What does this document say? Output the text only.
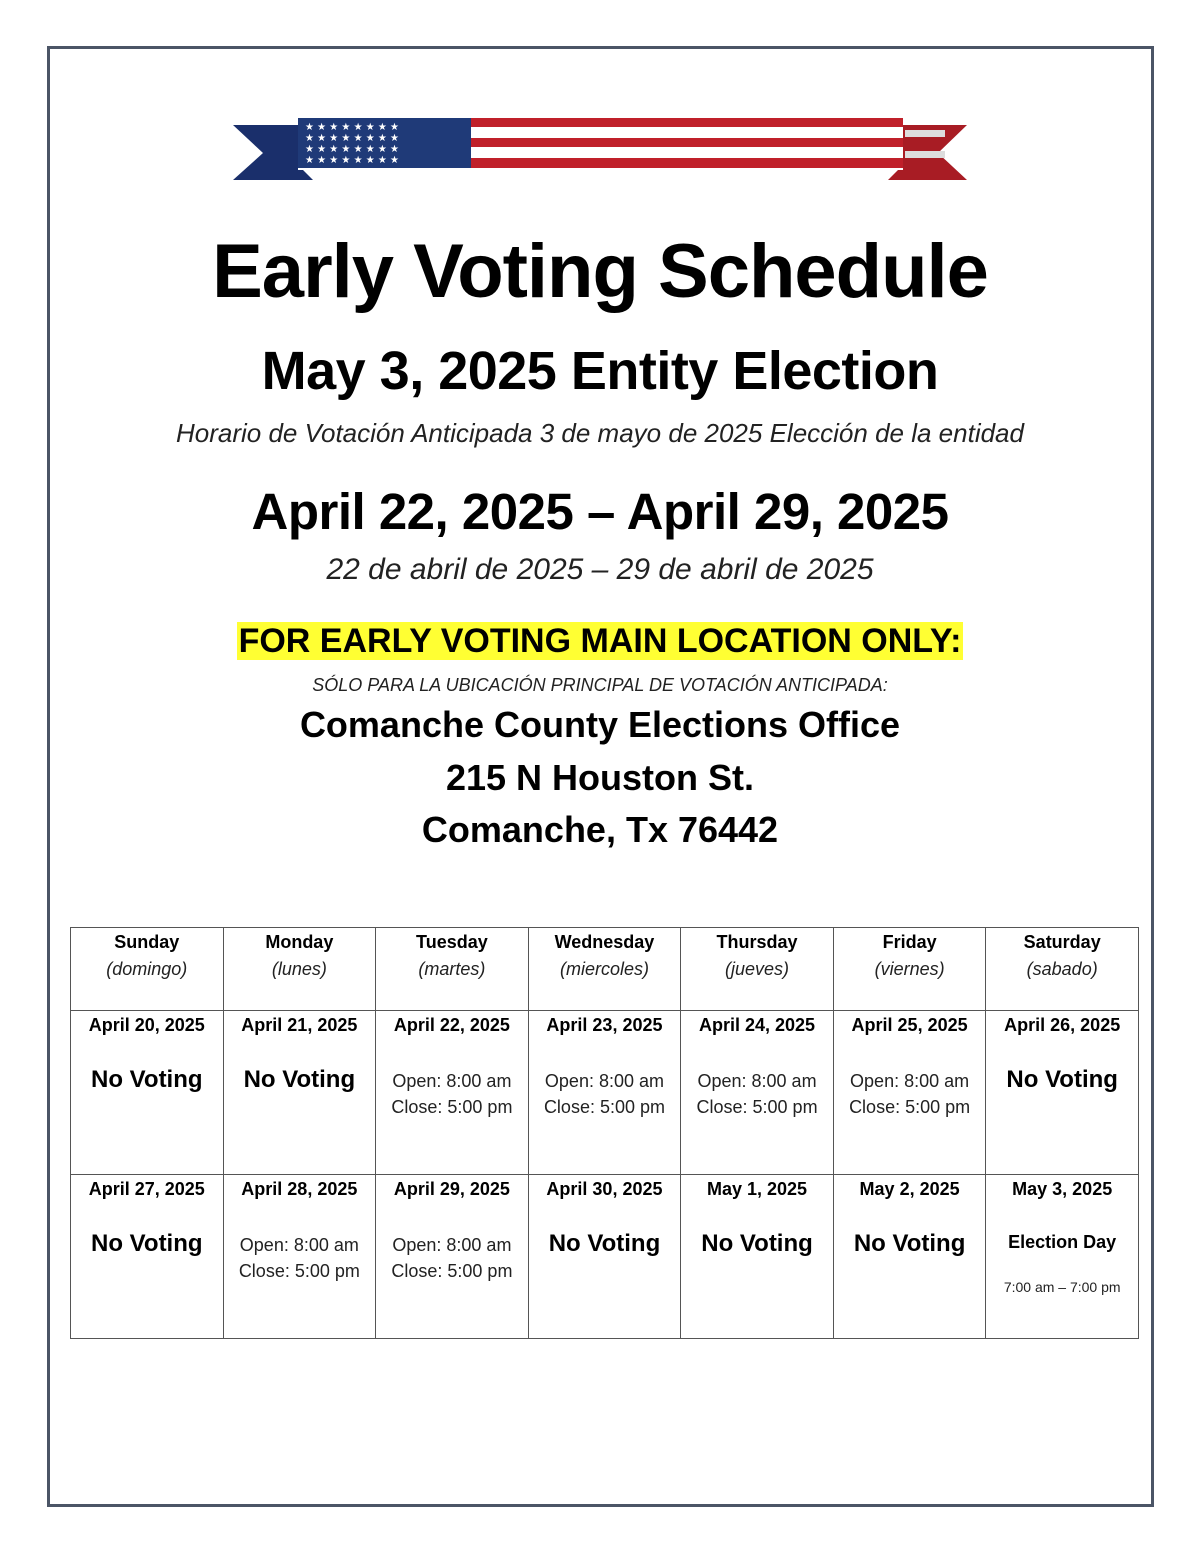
★ ★ ★ ★ ★ ★ ★ ★
★ ★ ★ ★ ★ ★ ★ ★
★ ★ ★ ★ ★ ★ ★ ★
★ ★ ★ ★ ★ ★ ★ ★
Early Voting Schedule
May 3, 2025 Entity Election
Horario de Votación Anticipada 3 de mayo de 2025 Elección de la entidad
April 22, 2025 – April 29, 2025
22 de abril de 2025 – 29 de abril de 2025
FOR EARLY VOTING MAIN LOCATION ONLY:
SÓLO PARA LA UBICACIÓN PRINCIPAL DE VOTACIÓN ANTICIPADA:
Comanche County Elections Office
215 N Houston St.
Comanche, Tx 76442
Sunday
(domingo)	Monday
(lunes)	Tuesday
(martes)	Wednesday
(miercoles)	Thursday
(jueves)	Friday
(viernes)	Saturday
(sabado)

April 20, 2025
No Voting	April 21, 2025
No Voting	April 22, 2025
Open: 8:00 am
Close: 5:00 pm	April 23, 2025
Open: 8:00 am
Close: 5:00 pm	April 24, 2025
Open: 8:00 am
Close: 5:00 pm	April 25, 2025
Open: 8:00 am
Close: 5:00 pm	April 26, 2025
No Voting

April 27, 2025
No Voting	April 28, 2025
Open: 8:00 am
Close: 5:00 pm	April 29, 2025
Open: 8:00 am
Close: 5:00 pm	April 30, 2025
No Voting	May 1, 2025
No Voting	May 2, 2025
No Voting	May 3, 2025
Election Day
7:00 am – 7:00 pm
